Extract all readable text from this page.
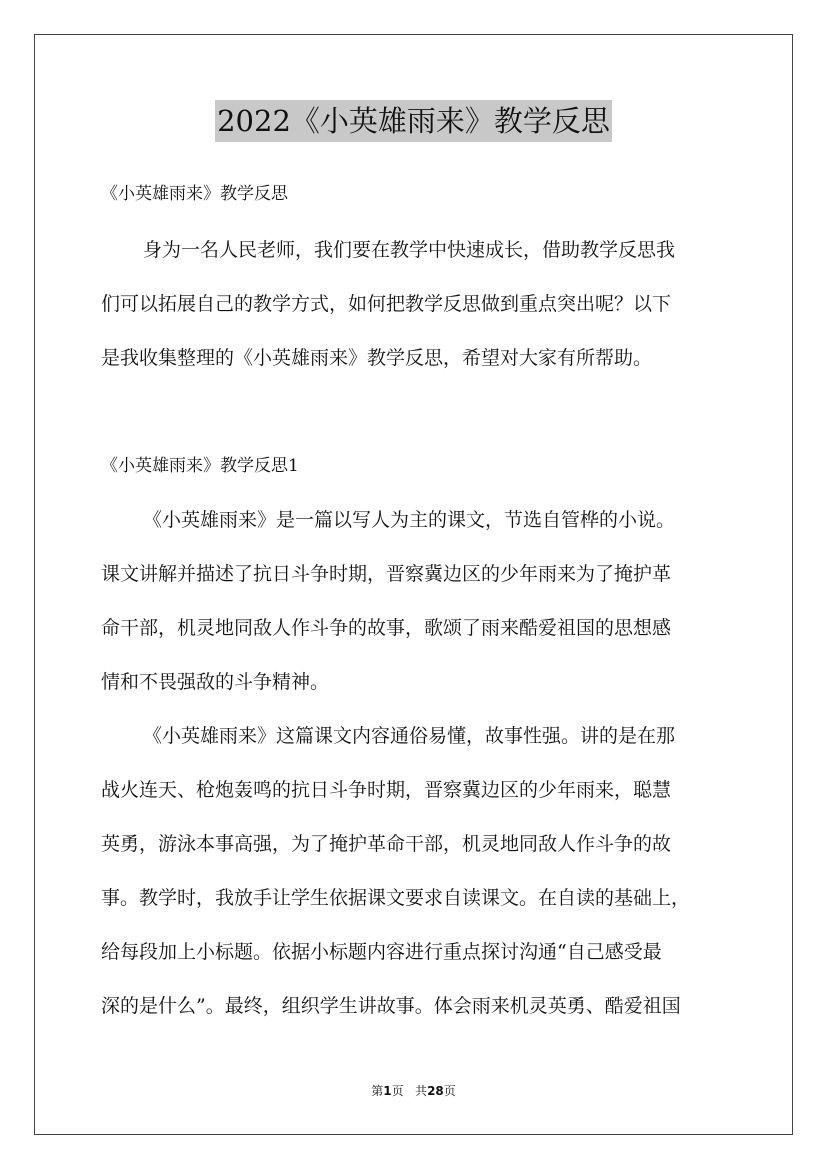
2022《小英雄雨来》教学反思
《小英雄雨来》教学反思
身为一名人民老师，我们要在教学中快速成长，借助教学反思我
们可以拓展自己的教学方式，如何把教学反思做到重点突出呢？以下
是我收集整理的《小英雄雨来》教学反思，希望对大家有所帮助。
《小英雄雨来》教学反思1
《小英雄雨来》是一篇以写人为主的课文，节选自管桦的小说。
课文讲解并描述了抗日斗争时期，晋察冀边区的少年雨来为了掩护革
命干部，机灵地同敌人作斗争的故事，歌颂了雨来酷爱祖国的思想感
情和不畏强敌的斗争精神。
《小英雄雨来》这篇课文内容通俗易懂，故事性强。讲的是在那
战火连天、枪炮轰鸣的抗日斗争时期，晋察冀边区的少年雨来，聪慧
英勇，游泳本事高强，为了掩护革命干部，机灵地同敌人作斗争的故
事。教学时，我放手让学生依据课文要求自读课文。在自读的基础上，
给每段加上小标题。依据小标题内容进行重点探讨沟通“自己感受最
深的是什么”。最终，组织学生讲故事。体会雨来机灵英勇、酷爱祖国
第1页 共28页
